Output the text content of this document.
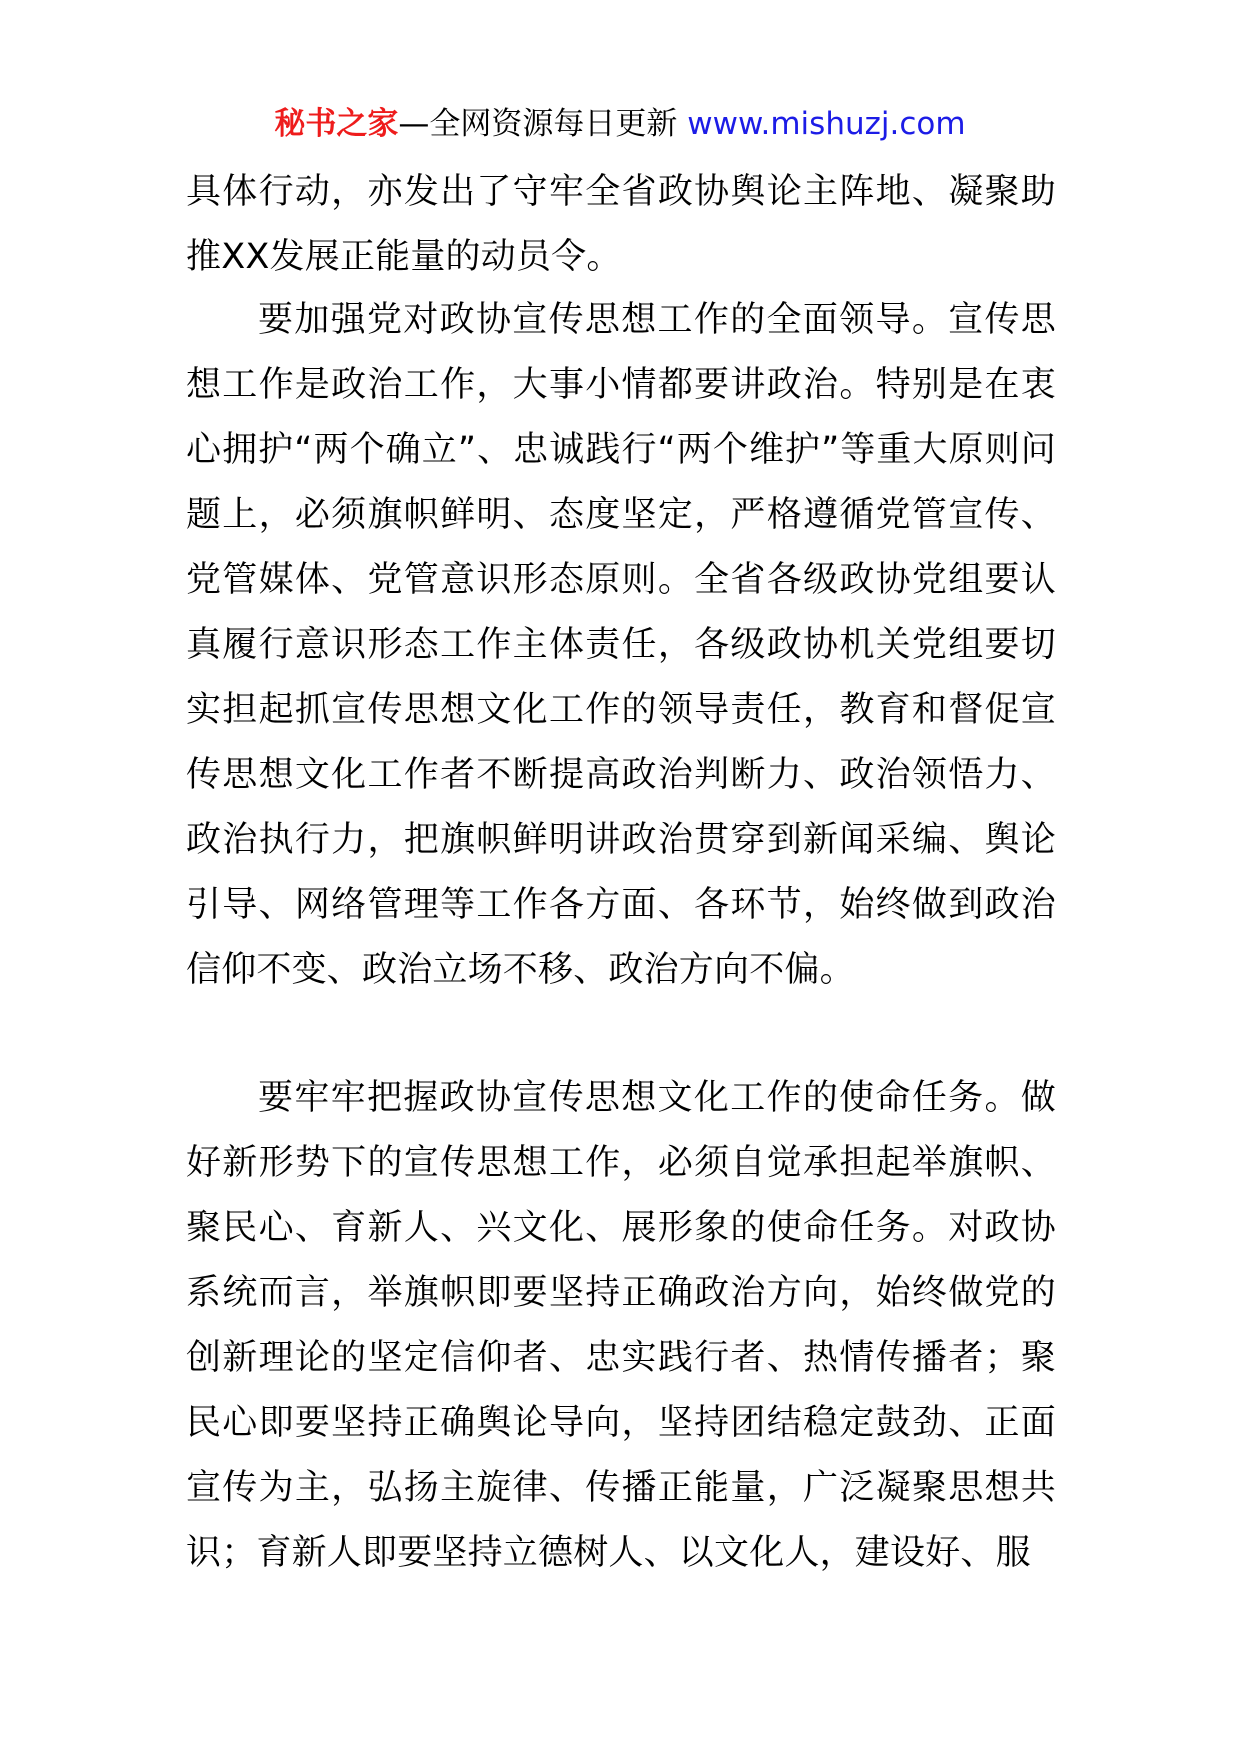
秘书之家—全网资源每日更新 www.mishuzj.com

具体行动，亦发出了守牢全省政协舆论主阵地、凝聚助推XX发展正能量的动员令。

要加强党对政协宣传思想工作的全面领导。宣传思想工作是政治工作，大事小情都要讲政治。特别是在衷心拥护“两个确立”、忠诚践行“两个维护”等重大原则问题上，必须旗帜鲜明、态度坚定，严格遵循党管宣传、党管媒体、党管意识形态原则。全省各级政协党组要认真履行意识形态工作主体责任，各级政协机关党组要切实担起抓宣传思想文化工作的领导责任，教育和督促宣传思想文化工作者不断提高政治判断力、政治领悟力、政治执行力，把旗帜鲜明讲政治贯穿到新闻采编、舆论引导、网络管理等工作各方面、各环节，始终做到政治信仰不变、政治立场不移、政治方向不偏。

要牢牢把握政协宣传思想文化工作的使命任务。做好新形势下的宣传思想工作，必须自觉承担起举旗帜、聚民心、育新人、兴文化、展形象的使命任务。对政协系统而言，举旗帜即要坚持正确政治方向，始终做党的创新理论的坚定信仰者、忠实践行者、热情传播者；聚民心即要坚持正确舆论导向，坚持团结稳定鼓劲、正面宣传为主，弘扬主旋律、传播正能量，广泛凝聚思想共识；育新人即要坚持立德树人、以文化人，建设好、服
